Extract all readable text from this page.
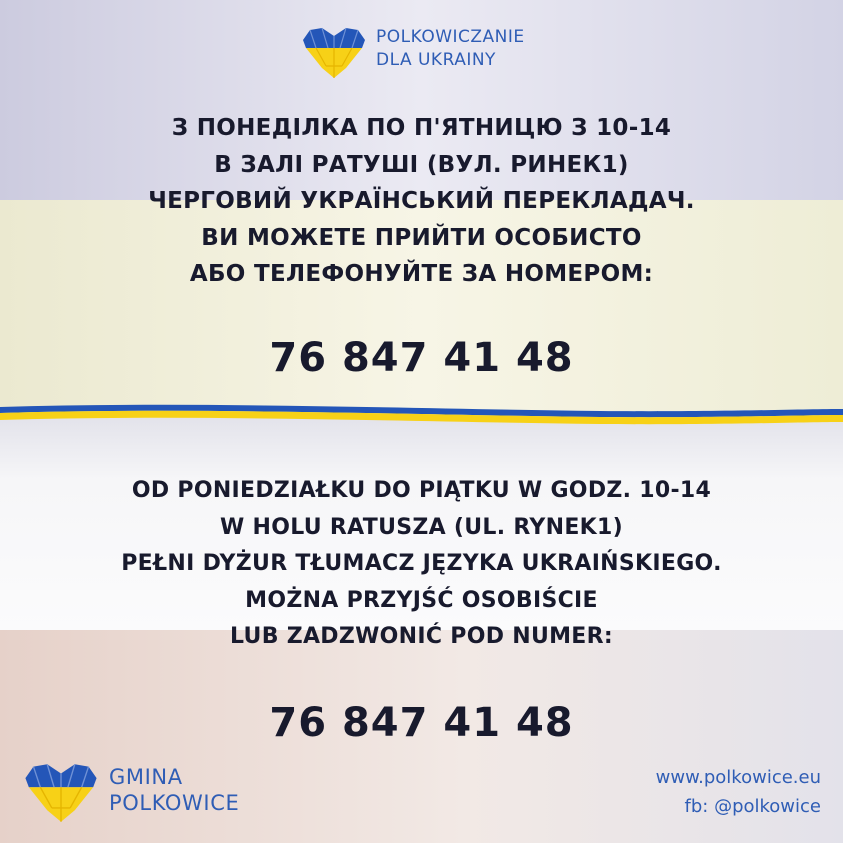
POLKOWICZANIE
DLA UKRAINY
З ПОНЕДІЛКА ПО П'ЯТНИЦЮ З 10-14
В ЗАЛІ РАТУШІ (ВУЛ. РИНЕК1)
ЧЕРГОВИЙ УКРАЇНСЬКИЙ ПЕРЕКЛАДАЧ.
ВИ МОЖЕТЕ ПРИЙТИ ОСОБИСТО
АБО ТЕЛЕФОНУЙТЕ ЗА НОМЕРОМ:
76 847 41 48
OD PONIEDZIAŁKU DO PIĄTKU W GODZ. 10-14
W HOLU RATUSZA (UL. RYNEK1)
PEŁNI DYŻUR TŁUMACZ JĘZYKA UKRAIŃSKIEGO.
MOŻNA PRZYJŚĆ OSOBIŚCIE
LUB ZADZWONIĆ POD NUMER:
76 847 41 48
GMINA
POLKOWICE
www.polkowice.eu
fb: @polkowice
